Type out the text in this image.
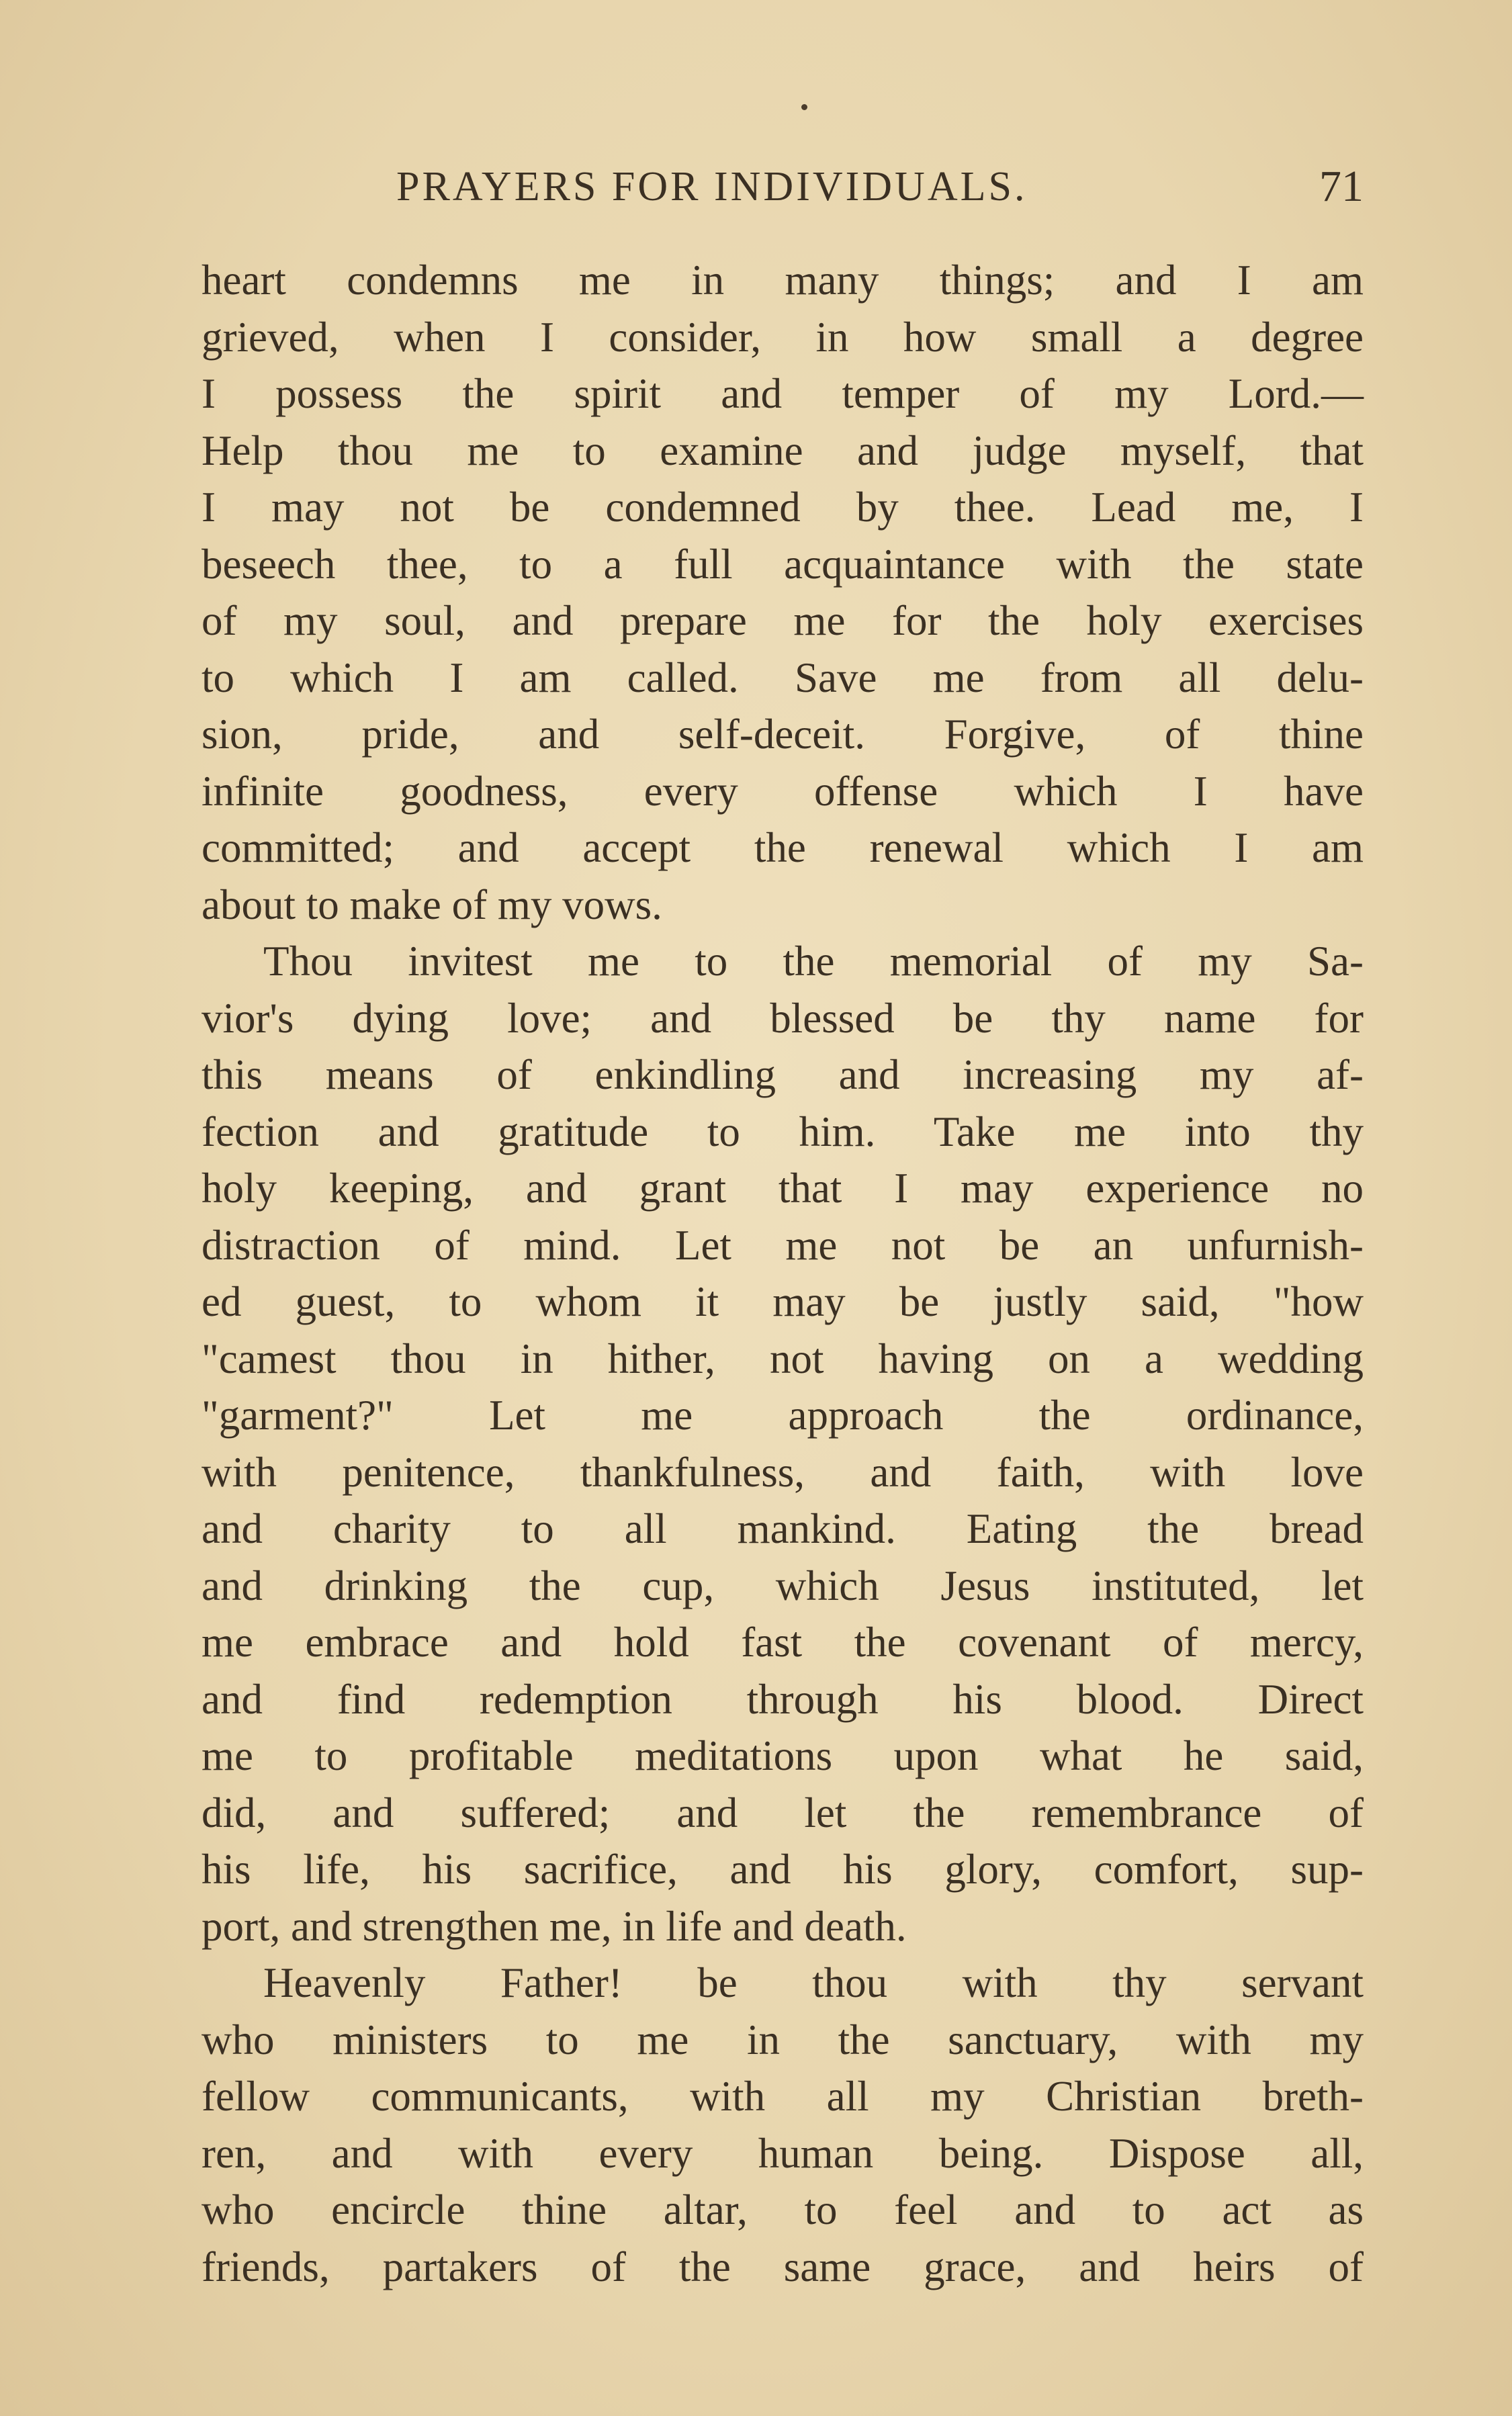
PRAYERS FOR INDIVIDUALS.	71
heart condemns me in many things; and I am
grieved, when I consider, in how small a degree
I possess the spirit and temper of my Lord.—
Help thou me to examine and judge myself, that
I may not be condemned by thee. Lead me, I
beseech thee, to a full acquaintance with the state
of my soul, and prepare me for the holy exercises
to which I am called. Save me from all delu-
sion, pride, and self-deceit. Forgive, of thine
infinite goodness, every offense which I have
committed; and accept the renewal which I am
about to make of my vows.
Thou invitest me to the memorial of my Sa-
vior's dying love; and blessed be thy name for
this means of enkindling and increasing my af-
fection and gratitude to him. Take me into thy
holy keeping, and grant that I may experience no
distraction of mind. Let me not be an unfurnish-
ed guest, to whom it may be justly said, "how
"camest thou in hither, not having on a wedding
"garment?" Let me approach the ordinance,
with penitence, thankfulness, and faith, with love
and charity to all mankind. Eating the bread
and drinking the cup, which Jesus instituted, let
me embrace and hold fast the covenant of mercy,
and find redemption through his blood. Direct
me to profitable meditations upon what he said,
did, and suffered; and let the remembrance of
his life, his sacrifice, and his glory, comfort, sup-
port, and strengthen me, in life and death.
Heavenly Father! be thou with thy servant
who ministers to me in the sanctuary, with my
fellow communicants, with all my Christian breth-
ren, and with every human being. Dispose all,
who encircle thine altar, to feel and to act as
friends, partakers of the same grace, and heirs of
